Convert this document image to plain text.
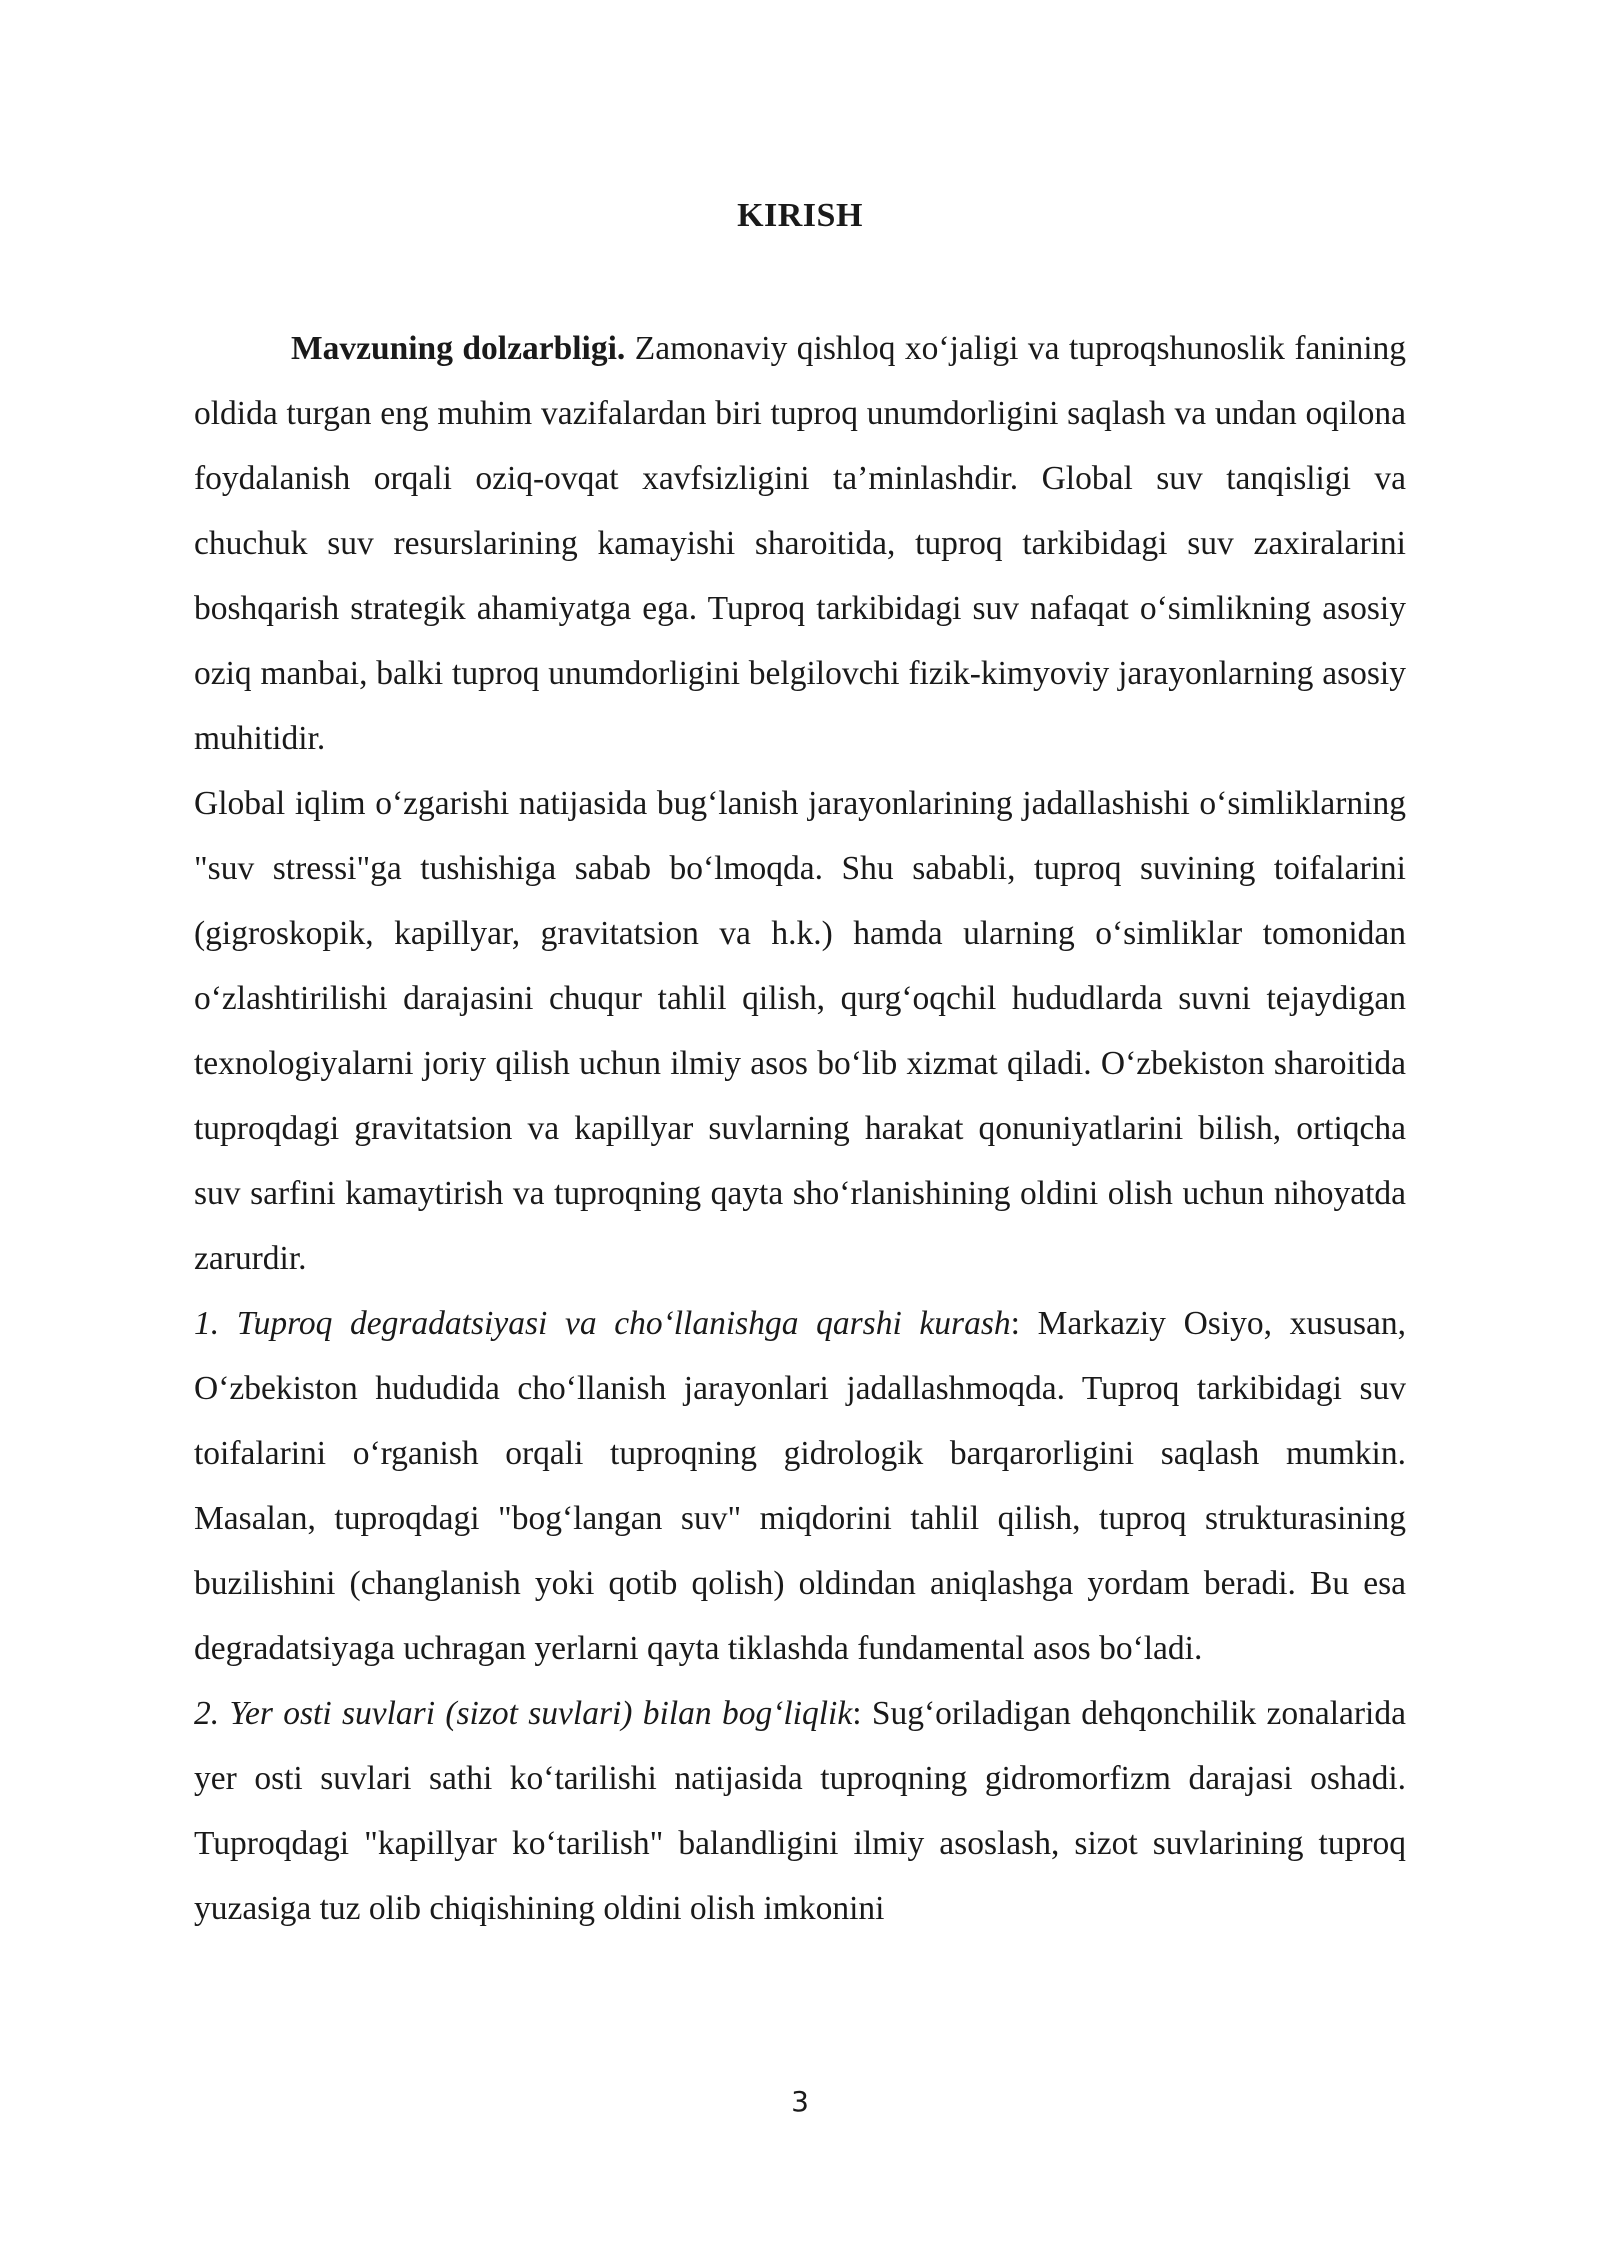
KIRISH

Mavzuning dolzarbligi. Zamonaviy qishloq xo‘jaligi va tuproqshunoslik fanining oldida turgan eng muhim vazifalardan biri tuproq unumdorligini saqlash va undan oqilona foydalanish orqali oziq-ovqat xavfsizligini ta’minlashdir. Global suv tanqisligi va chuchuk suv resurslarining kamayishi sharoitida, tuproq tarkibidagi suv zaxiralarini boshqarish strategik ahamiyatga ega. Tuproq tarkibidagi suv nafaqat o‘simlikning asosiy oziq manbai, balki tuproq unumdorligini belgilovchi fizik-kimyoviy jarayonlarning asosiy muhitidir.

Global iqlim o‘zgarishi natijasida bug‘lanish jarayonlarining jadallashishi o‘simliklarning "suv stressi"ga tushishiga sabab bo‘lmoqda. Shu sababli, tuproq suvining toifalarini (gigroskopik, kapillyar, gravitatsion va h.k.) hamda ularning o‘simliklar tomonidan o‘zlashtirilishi darajasini chuqur tahlil qilish, qurg‘oqchil hududlarda suvni tejaydigan texnologiyalarni joriy qilish uchun ilmiy asos bo‘lib xizmat qiladi. O‘zbekiston sharoitida tuproqdagi gravitatsion va kapillyar suvlarning harakat qonuniyatlarini bilish, ortiqcha suv sarfini kamaytirish va tuproqning qayta sho‘rlanishining oldini olish uchun nihoyatda zarurdir.

1. Tuproq degradatsiyasi va cho‘llanishga qarshi kurash: Markaziy Osiyo, xususan, O‘zbekiston hududida cho‘llanish jarayonlari jadallashmoqda. Tuproq tarkibidagi suv toifalarini o‘rganish orqali tuproqning gidrologik barqarorligini saqlash mumkin. Masalan, tuproqdagi "bog‘langan suv" miqdorini tahlil qilish, tuproq strukturasining buzilishini (changlanish yoki qotib qolish) oldindan aniqlashga yordam beradi. Bu esa degradatsiyaga uchragan yerlarni qayta tiklashda fundamental asos bo‘ladi.

2. Yer osti suvlari (sizot suvlari) bilan bog‘liqlik: Sug‘oriladigan dehqonchilik zonalarida yer osti suvlari sathi ko‘tarilishi natijasida tuproqning gidromorfizm darajasi oshadi. Tuproqdagi "kapillyar ko‘tarilish" balandligini ilmiy asoslash, sizot suvlarining tuproq yuzasiga tuz olib chiqishining oldini olish imkonini

3
